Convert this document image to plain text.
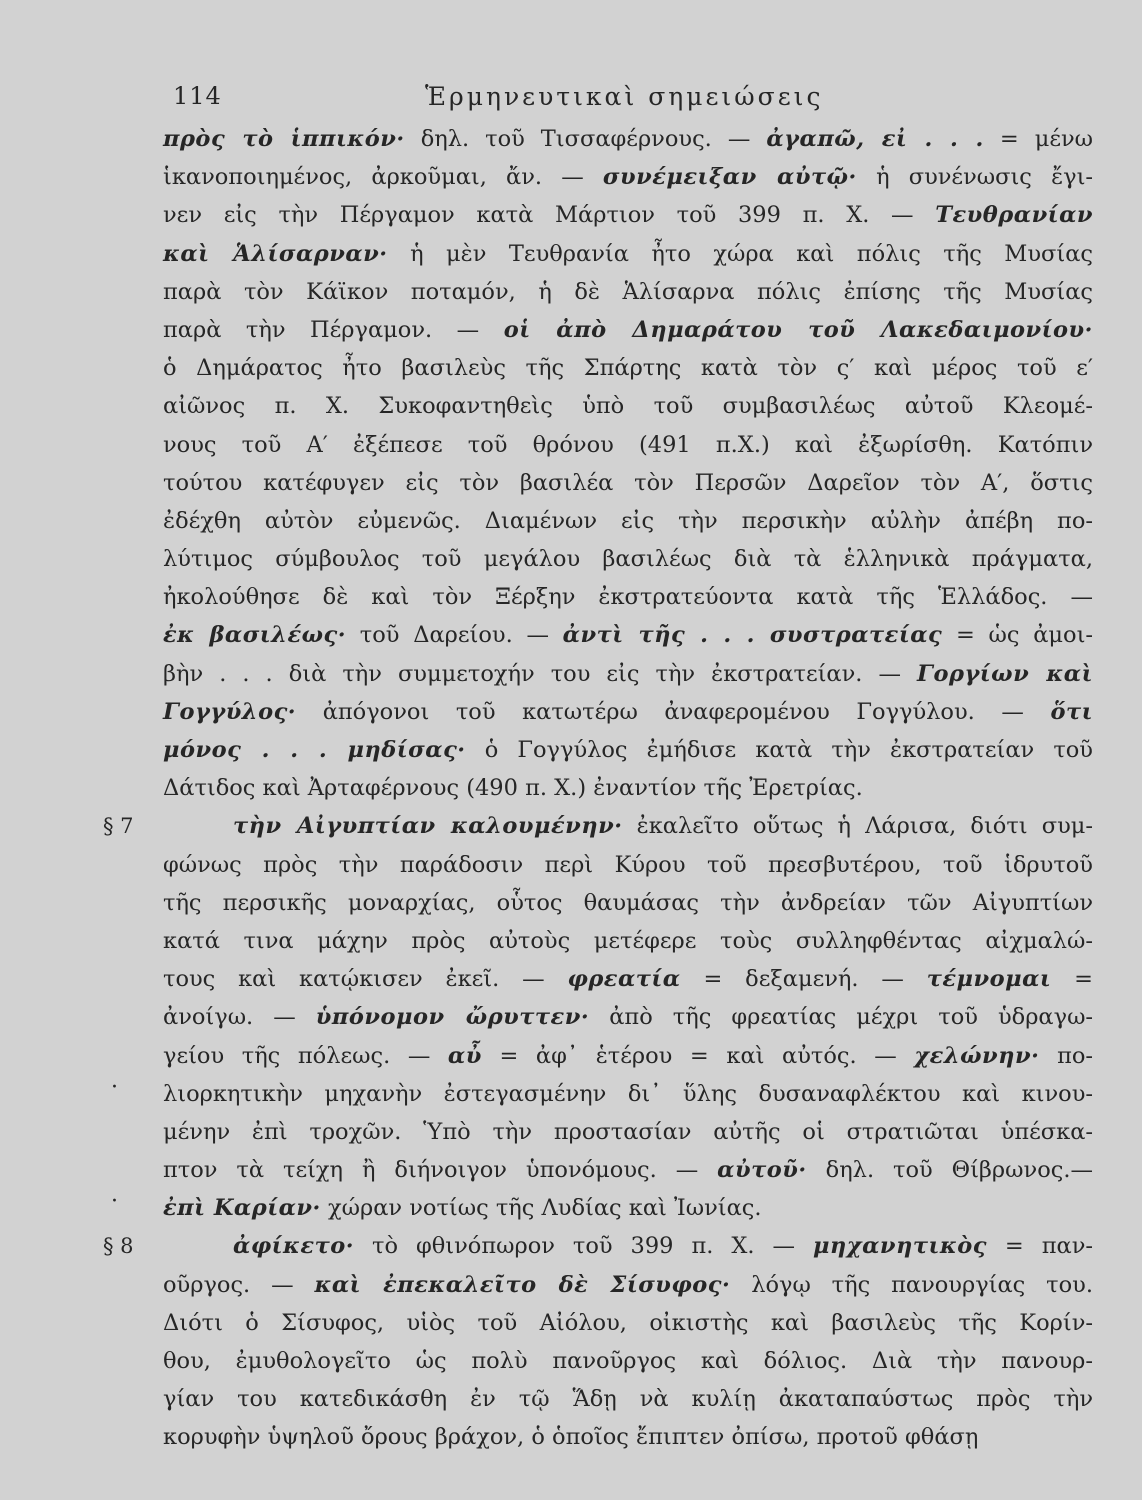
114	Ἑρμηνευτικαὶ σημειώσεις
πρὸς τὸ ἱππικόν· δηλ. τοῦ Τισσαφέρνους. — ἀγαπῶ, εἰ . . . = μένω
ἱκανοποιημένος, ἀρκοῦμαι, ἄν. — συνέμειξαν αὐτῷ· ἡ συνένωσις ἔγι-
νεν εἰς τὴν Πέργαμον κατὰ Μάρτιον τοῦ 399 π. Χ. — Τευθρανίαν
καὶ Ἁλίσαρναν· ἡ μὲν Τευθρανία ἦτο χώρα καὶ πόλις τῆς Μυσίας
παρὰ τὸν Κάϊκον ποταμόν, ἡ δὲ Ἁλίσαρνα πόλις ἐπίσης τῆς Μυσίας
παρὰ τὴν Πέργαμον. — οἱ ἀπὸ Δημαράτου τοῦ Λακεδαιμονίου·
ὁ Δημάρατος ἦτο βασιλεὺς τῆς Σπάρτης κατὰ τὸν ς′ καὶ μέρος τοῦ ε′
αἰῶνος π. Χ. Συκοφαντηθεὶς ὑπὸ τοῦ συμβασιλέως αὐτοῦ Κλεομέ-
νους τοῦ Α′ ἐξέπεσε τοῦ θρόνου (491 π.Χ.) καὶ ἐξωρίσθη. Κατόπιν
τούτου κατέφυγεν εἰς τὸν βασιλέα τὸν Περσῶν Δαρεῖον τὸν Α′, ὅστις
ἐδέχθη αὐτὸν εὐμενῶς. Διαμένων εἰς τὴν περσικὴν αὐλὴν ἀπέβη πο-
λύτιμος σύμβουλος τοῦ μεγάλου βασιλέως διὰ τὰ ἑλληνικὰ πράγματα,
ἠκολούθησε δὲ καὶ τὸν Ξέρξην ἐκστρατεύοντα κατὰ τῆς Ἑλλάδος. —
ἐκ βασιλέως· τοῦ Δαρείου. — ἀντὶ τῆς . . . συστρατείας = ὡς ἀμοι-
βὴν . . . διὰ τὴν συμμετοχήν του εἰς τὴν ἐκστρατείαν. — Γοργίων καὶ
Γογγύλος· ἀπόγονοι τοῦ κατωτέρω ἀναφερομένου Γογγύλου. — ὅτι
μόνος . . . μηδίσας· ὁ Γογγύλος ἐμήδισε κατὰ τὴν ἐκστρατείαν τοῦ
Δάτιδος καὶ Ἀρταφέρνους (490 π. Χ.) ἐναντίον τῆς Ἐρετρίας.
§ 7	τὴν Αἰγυπτίαν καλουμένην· ἐκαλεῖτο οὕτως ἡ Λάρισα, διότι συμ-
φώνως πρὸς τὴν παράδοσιν περὶ Κύρου τοῦ πρεσβυτέρου, τοῦ ἱδρυτοῦ
τῆς περσικῆς μοναρχίας, οὗτος θαυμάσας τὴν ἀνδρείαν τῶν Αἰγυπτίων
κατά τινα μάχην πρὸς αὐτοὺς μετέφερε τοὺς συλληφθέντας αἰχμαλώ-
τους καὶ κατῴκισεν ἐκεῖ. — φρεατία = δεξαμενή. — τέμνομαι =
ἀνοίγω. — ὑπόνομον ὤρυττεν· ἀπὸ τῆς φρεατίας μέχρι τοῦ ὑδραγω-
γείου τῆς πόλεως. — αὖ = ἀφ᾽ ἑτέρου = καὶ αὐτός. — χελώνην· πο-
· λιορκητικὴν μηχανὴν ἐστεγασμένην δι᾽ ὕλης δυσαναφλέκτου καὶ κινου-
μένην ἐπὶ τροχῶν. Ὑπὸ τὴν προστασίαν αὐτῆς οἱ στρατιῶται ὑπέσκα-
πτον τὰ τείχη ἢ διήνοιγον ὑπονόμους. — αὐτοῦ· δηλ. τοῦ Θίβρωνος.—
· ἐπὶ Καρίαν· χώραν νοτίως τῆς Λυδίας καὶ Ἰωνίας.
§ 8	ἀφίκετο· τὸ φθινόπωρον τοῦ 399 π. Χ. — μηχανητικὸς = παν-
οῦργος. — καὶ ἐπεκαλεῖτο δὲ Σίσυφος· λόγῳ τῆς πανουργίας του.
Διότι ὁ Σίσυφος, υἱὸς τοῦ Αἰόλου, οἰκιστὴς καὶ βασιλεὺς τῆς Κορίν-
θου, ἐμυθολογεῖτο ὡς πολὺ πανοῦργος καὶ δόλιος. Διὰ τὴν πανουρ-
γίαν του κατεδικάσθη ἐν τῷ Ἅδῃ νὰ κυλίῃ ἀκαταπαύστως πρὸς τὴν
κορυφὴν ὑψηλοῦ ὄρους βράχον, ὁ ὁποῖος ἔπιπτεν ὀπίσω, προτοῦ φθάσῃ
